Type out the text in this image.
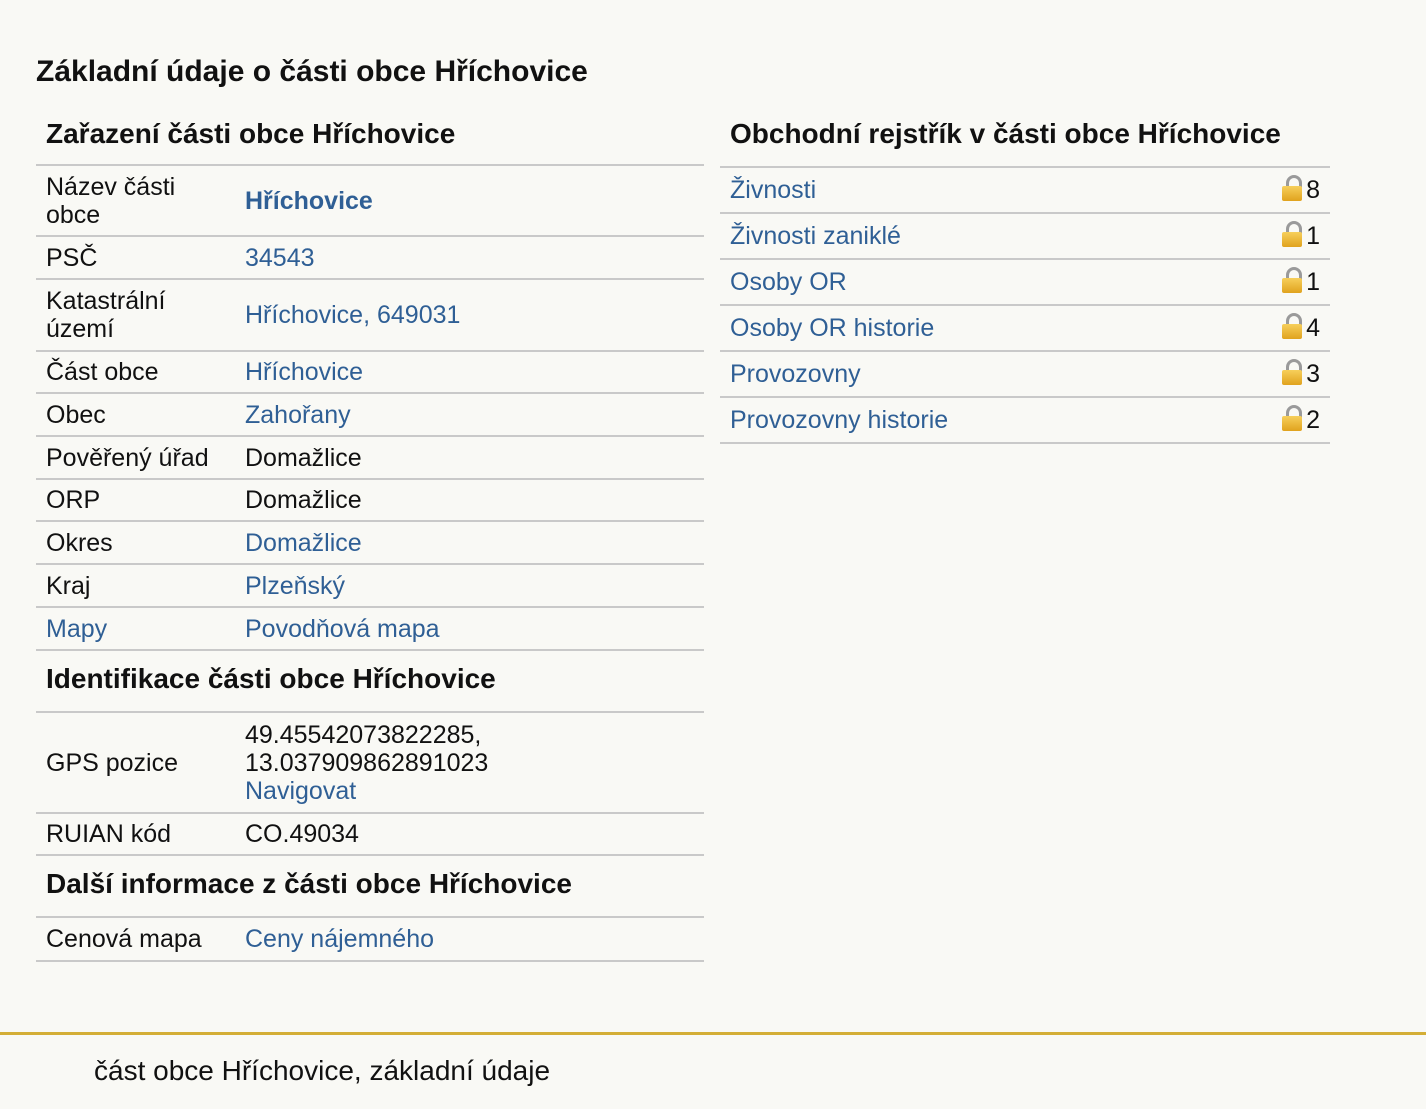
Základní údaje o části obce Hříchovice
Zařazení části obce Hříchovice
Název části obce	Hříchovice
PSČ	34543
Katastrální území	Hříchovice, 649031
Část obce	Hříchovice
Obec	Zahořany
Pověřený úřad	Domažlice
ORP	Domažlice
Okres	Domažlice
Kraj	Plzeňský
Mapy	Povodňová mapa
Identifikace části obce Hříchovice
GPS pozice	49.45542073822285,
13.037909862891023
Navigovat
RUIAN kód	CO.49034
Další informace z části obce Hříchovice
Cenová mapa	Ceny nájemného
Obchodní rejstřík v části obce Hříchovice
Živnosti	8
Živnosti zaniklé	1
Osoby OR	1
Osoby OR historie	4
Provozovny	3
Provozovny historie	2
část obce Hříchovice, základní údaje
